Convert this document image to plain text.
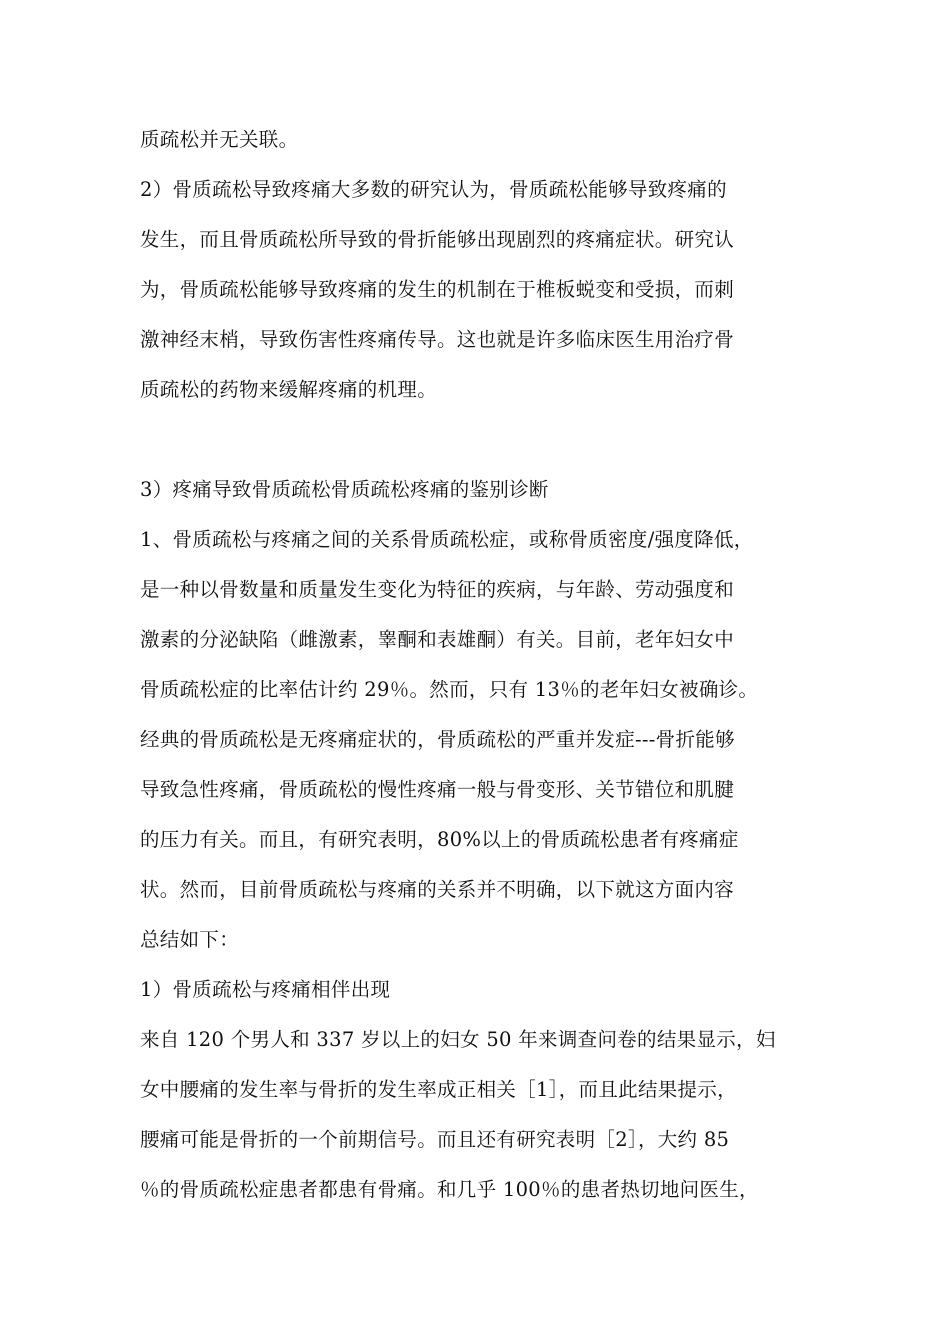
质疏松并无关联。
2）骨质疏松导致疼痛大多数的研究认为，骨质疏松能够导致疼痛的
发生，而且骨质疏松所导致的骨折能够出现剧烈的疼痛症状。研究认
为，骨质疏松能够导致疼痛的发生的机制在于椎板蜕变和受损，而刺
激神经末梢，导致伤害性疼痛传导。这也就是许多临床医生用治疗骨
质疏松的药物来缓解疼痛的机理。
3）疼痛导致骨质疏松骨质疏松疼痛的鉴别诊断
1、骨质疏松与疼痛之间的关系骨质疏松症，或称骨质密度/强度降低，
是一种以骨数量和质量发生变化为特征的疾病，与年龄、劳动强度和
激素的分泌缺陷（雌激素，睾酮和表雄酮）有关。目前，老年妇女中
骨质疏松症的比率估计约 29％。然而，只有 13％的老年妇女被确诊。
经典的骨质疏松是无疼痛症状的，骨质疏松的严重并发症---骨折能够
导致急性疼痛，骨质疏松的慢性疼痛一般与骨变形、关节错位和肌腱
的压力有关。而且，有研究表明，80%以上的骨质疏松患者有疼痛症
状。然而，目前骨质疏松与疼痛的关系并不明确，以下就这方面内容
总结如下：
1）骨质疏松与疼痛相伴出现
来自 120 个男人和 337 岁以上的妇女 50 年来调查问卷的结果显示，妇
女中腰痛的发生率与骨折的发生率成正相关［1］，而且此结果提示，
腰痛可能是骨折的一个前期信号。而且还有研究表明［2］，大约 85
％的骨质疏松症患者都患有骨痛。和几乎 100％的患者热切地问医生，
